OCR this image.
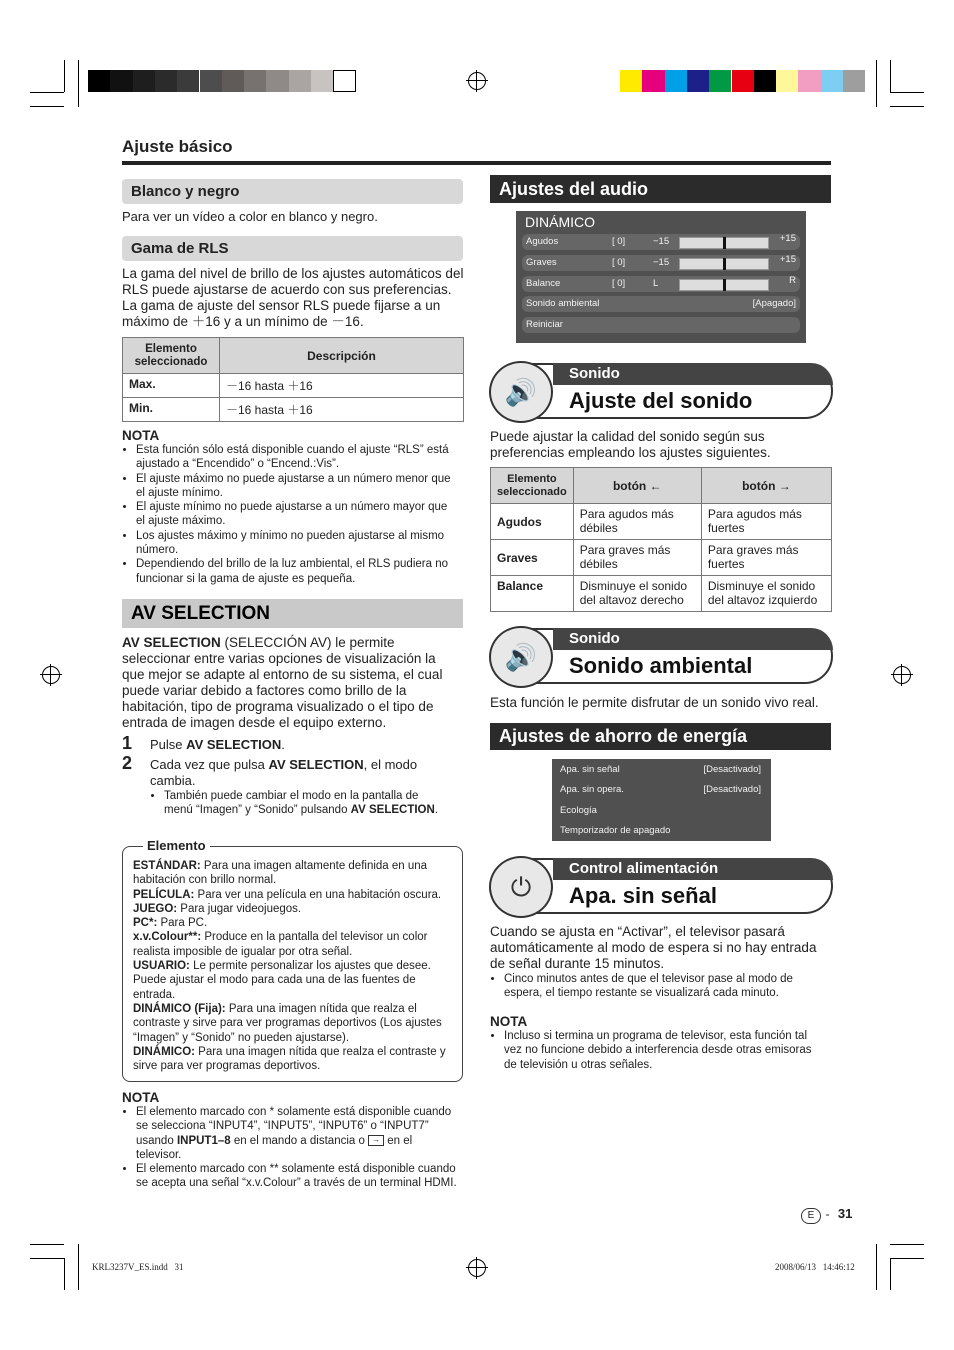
Ajuste básico
Blanco y negro

Para ver un vídeo a color en blanco y negro.

Gama de RLS

La gama del nivel de brillo de los ajustes automáticos del RLS puede ajustarse de acuerdo con sus preferencias. La gama de ajuste del sensor RLS puede fijarse a un máximo de ＋16 y a un mínimo de －16.

Elemento seleccionado	Descripción
Max.	－16 hasta ＋16
Min.	－16 hasta ＋16
NOTA
• Esta función sólo está disponible cuando el ajuste “RLS” está ajustado a “Encendido” o “Encend.:Vis”.
• El ajuste máximo no puede ajustarse a un número menor que el ajuste mínimo.
• El ajuste mínimo no puede ajustarse a un número mayor que el ajuste máximo.
• Los ajustes máximo y mínimo no pueden ajustarse al mismo número.
• Dependiendo del brillo de la luz ambiental, el RLS pudiera no funcionar si la gama de ajuste es pequeña.
AV SELECTION

AV SELECTION (SELECCIÓN AV) le permite seleccionar entre varias opciones de visualización la que mejor se adapte al entorno de su sistema, el cual puede variar debido a factores como brillo de la habitación, tipo de programa visualizado o el tipo de entrada de imagen desde el equipo externo.

1 Pulse AV SELECTION.
2 Cada vez que pulsa AV SELECTION, el modo cambia.
• También puede cambiar el modo en la pantalla de menú “Imagen” y “Sonido” pulsando AV SELECTION.
Elemento
ESTÁNDAR: Para una imagen altamente definida en una habitación con brillo normal.
PELÍCULA: Para ver una película en una habitación oscura.
JUEGO: Para jugar videojuegos.
PC*: Para PC.
x.v.Colour**: Produce en la pantalla del televisor un color realista imposible de igualar por otra señal.
USUARIO: Le permite personalizar los ajustes que desee. Puede ajustar el modo para cada una de las fuentes de entrada.
DINÁMICO (Fija): Para una imagen nítida que realza el contraste y sirve para ver programas deportivos (Los ajustes “Imagen” y “Sonido” no pueden ajustarse).
DINÁMICO: Para una imagen nítida que realza el contraste y sirve para ver programas deportivos.
NOTA
• El elemento marcado con * solamente está disponible cuando se selecciona “INPUT4”, “INPUT5”, “INPUT6” o “INPUT7” usando INPUT1–8 en el mando a distancia o → en el televisor.
• El elemento marcado con ** solamente está disponible cuando se acepta una señal “x.v.Colour” a través de un terminal HDMI.
Ajustes del audio
DINÁMICO
Agudos	[ 0]	−15	+15
Graves	[ 0]	−15	+15
Balance	[ 0]	L	R
Sonido ambiental	[Apagado]
Reiniciar
Sonido
Ajuste del sonido
🔊

Puede ajustar la calidad del sonido según sus preferencias empleando los ajustes siguientes.

Elemento seleccionado	botón ←	botón →
Agudos	Para agudos más débiles	Para agudos más fuertes
Graves	Para graves más débiles	Para graves más fuertes
Balance	Disminuye el sonido del altavoz derecho	Disminuye el sonido del altavoz izquierdo
Sonido
Sonido ambiental
🔊

Esta función le permite disfrutar de un sonido vivo real.

Ajustes de ahorro de energía
Apa. sin señal	[Desactivado]
Apa. sin opera.	[Desactivado]
Ecología
Temporizador de apagado
Control alimentación
Apa. sin señal
⏻

Cuando se ajusta en “Activar”, el televisor pasará automáticamente al modo de espera si no hay entrada de señal durante 15 minutos.

• Cinco minutos antes de que el televisor pase al modo de espera, el tiempo restante se visualizará cada minuto.
NOTA
• Incluso si termina un programa de televisor, esta función tal vez no funcione debido a interferencia desde otras emisoras de televisión u otras señales.
E - 31
KRL3237V_ES.indd   31	2008/06/13   14:46:12
